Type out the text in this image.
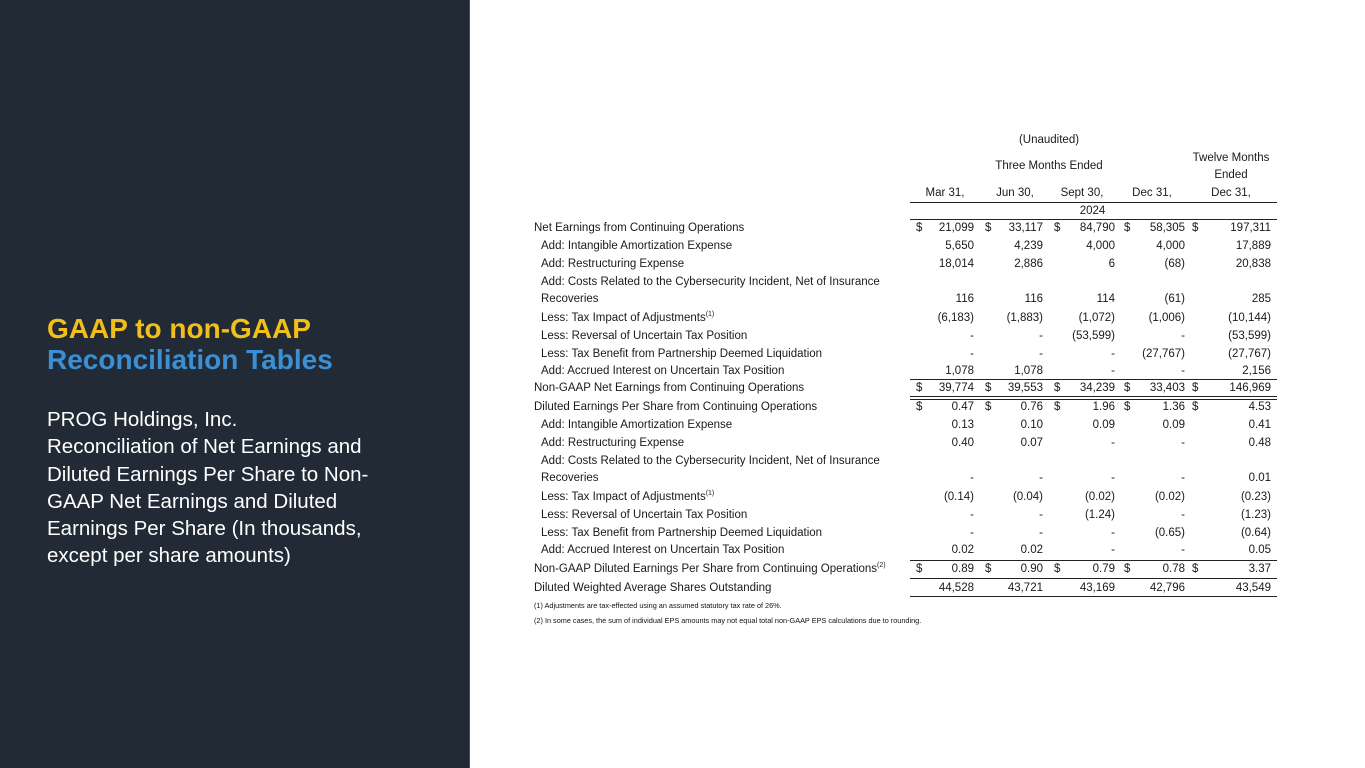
GAAP to non-GAAP
Reconciliation Tables
PROG Holdings, Inc.
Reconciliation of Net Earnings and
Diluted Earnings Per Share to Non-
GAAP Net Earnings and Diluted
Earnings Per Share (In thousands,
except per share amounts)
(Unaudited)
Three Months Ended
Twelve Months
Ended
2024
Mar 31,	Jun 30,	Sept 30,	Dec 31,	Dec 31,
Net Earnings from Continuing Operations	21,099	33,117	84,790	58,305	197,311
$	$	$	$	$
Add: Intangible Amortization Expense	5,650	4,239	4,000	4,000	17,889
Add: Restructuring Expense	18,014	2,886	6	(68)	20,838
Add: Costs Related to the Cybersecurity Incident, Net of Insurance
Recoveries	116	116	114	(61)	285
Less: Tax Impact of Adjustments$^{(1)}$	(6,183)	(1,883)	(1,072)	(1,006)	(10,144)
Less: Reversal of Uncertain Tax Position	-	-	(53,599)	-	(53,599)
Less: Tax Benefit from Partnership Deemed Liquidation	-	-	-	(27,767)	(27,767)
Add: Accrued Interest on Uncertain Tax Position	1,078	1,078	-	-	2,156
Non-GAAP Net Earnings from Continuing Operations	39,774	39,553	34,239	33,403	146,969
$	$	$	$	$
Diluted Earnings Per Share from Continuing Operations	0.47	0.76	1.96	1.36	4.53
$	$	$	$	$
Add: Intangible Amortization Expense	0.13	0.10	0.09	0.09	0.41
Add: Restructuring Expense	0.40	0.07	-	-	0.48
Add: Costs Related to the Cybersecurity Incident, Net of Insurance
Recoveries	-	-	-	-	0.01
Less: Tax Impact of Adjustments$^{(1)}$	(0.14)	(0.04)	(0.02)	(0.02)	(0.23)
Less: Reversal of Uncertain Tax Position	-	-	(1.24)	-	(1.23)
Less: Tax Benefit from Partnership Deemed Liquidation	-	-	-	(0.65)	(0.64)
Add: Accrued Interest on Uncertain Tax Position	0.02	0.02	-	-	0.05
Non-GAAP Diluted Earnings Per Share from Continuing Operations$^{(2)}$	0.89	0.90	0.79	0.78	3.37
$	$	$	$	$
Diluted Weighted Average Shares Outstanding	44,528	43,721	43,169	42,796	43,549
(1) Adjustments are tax-effected using an assumed statutory tax rate of 26%.
(2) In some cases, the sum of individual EPS amounts may not equal total non-GAAP EPS calculations due to rounding.
